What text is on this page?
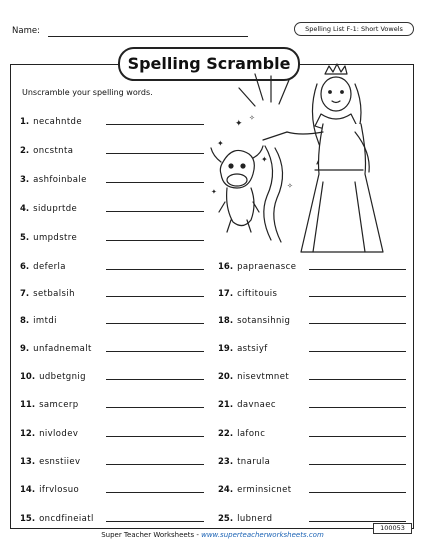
Name:	Spelling List F-1: Short Vowels
Spelling Scramble
Unscramble your spelling words.
✦
✦
✧
✦
✧
✦
1. necahntde
2. oncstnta
3. ashfoinbale
4. siduprtde
5. umpdstre
6. deferla
7. setbalsih
8. imtdi
9. unfadnemalt
10. udbetgnig
11. samcerp
12. nivlodev
13. esnstiiev
14. ifrvlosuo
15. oncdfineiatl
16. papraenasce
17. ciftitouis
18. sotansihnig
19. astsiyf
20. nisevtmnet
21. davnaec
22. lafonc
23. tnarula
24. erminsicnet
25. lubnerd
Super Teacher Worksheets - www.superteacherworksheets.com
100053
